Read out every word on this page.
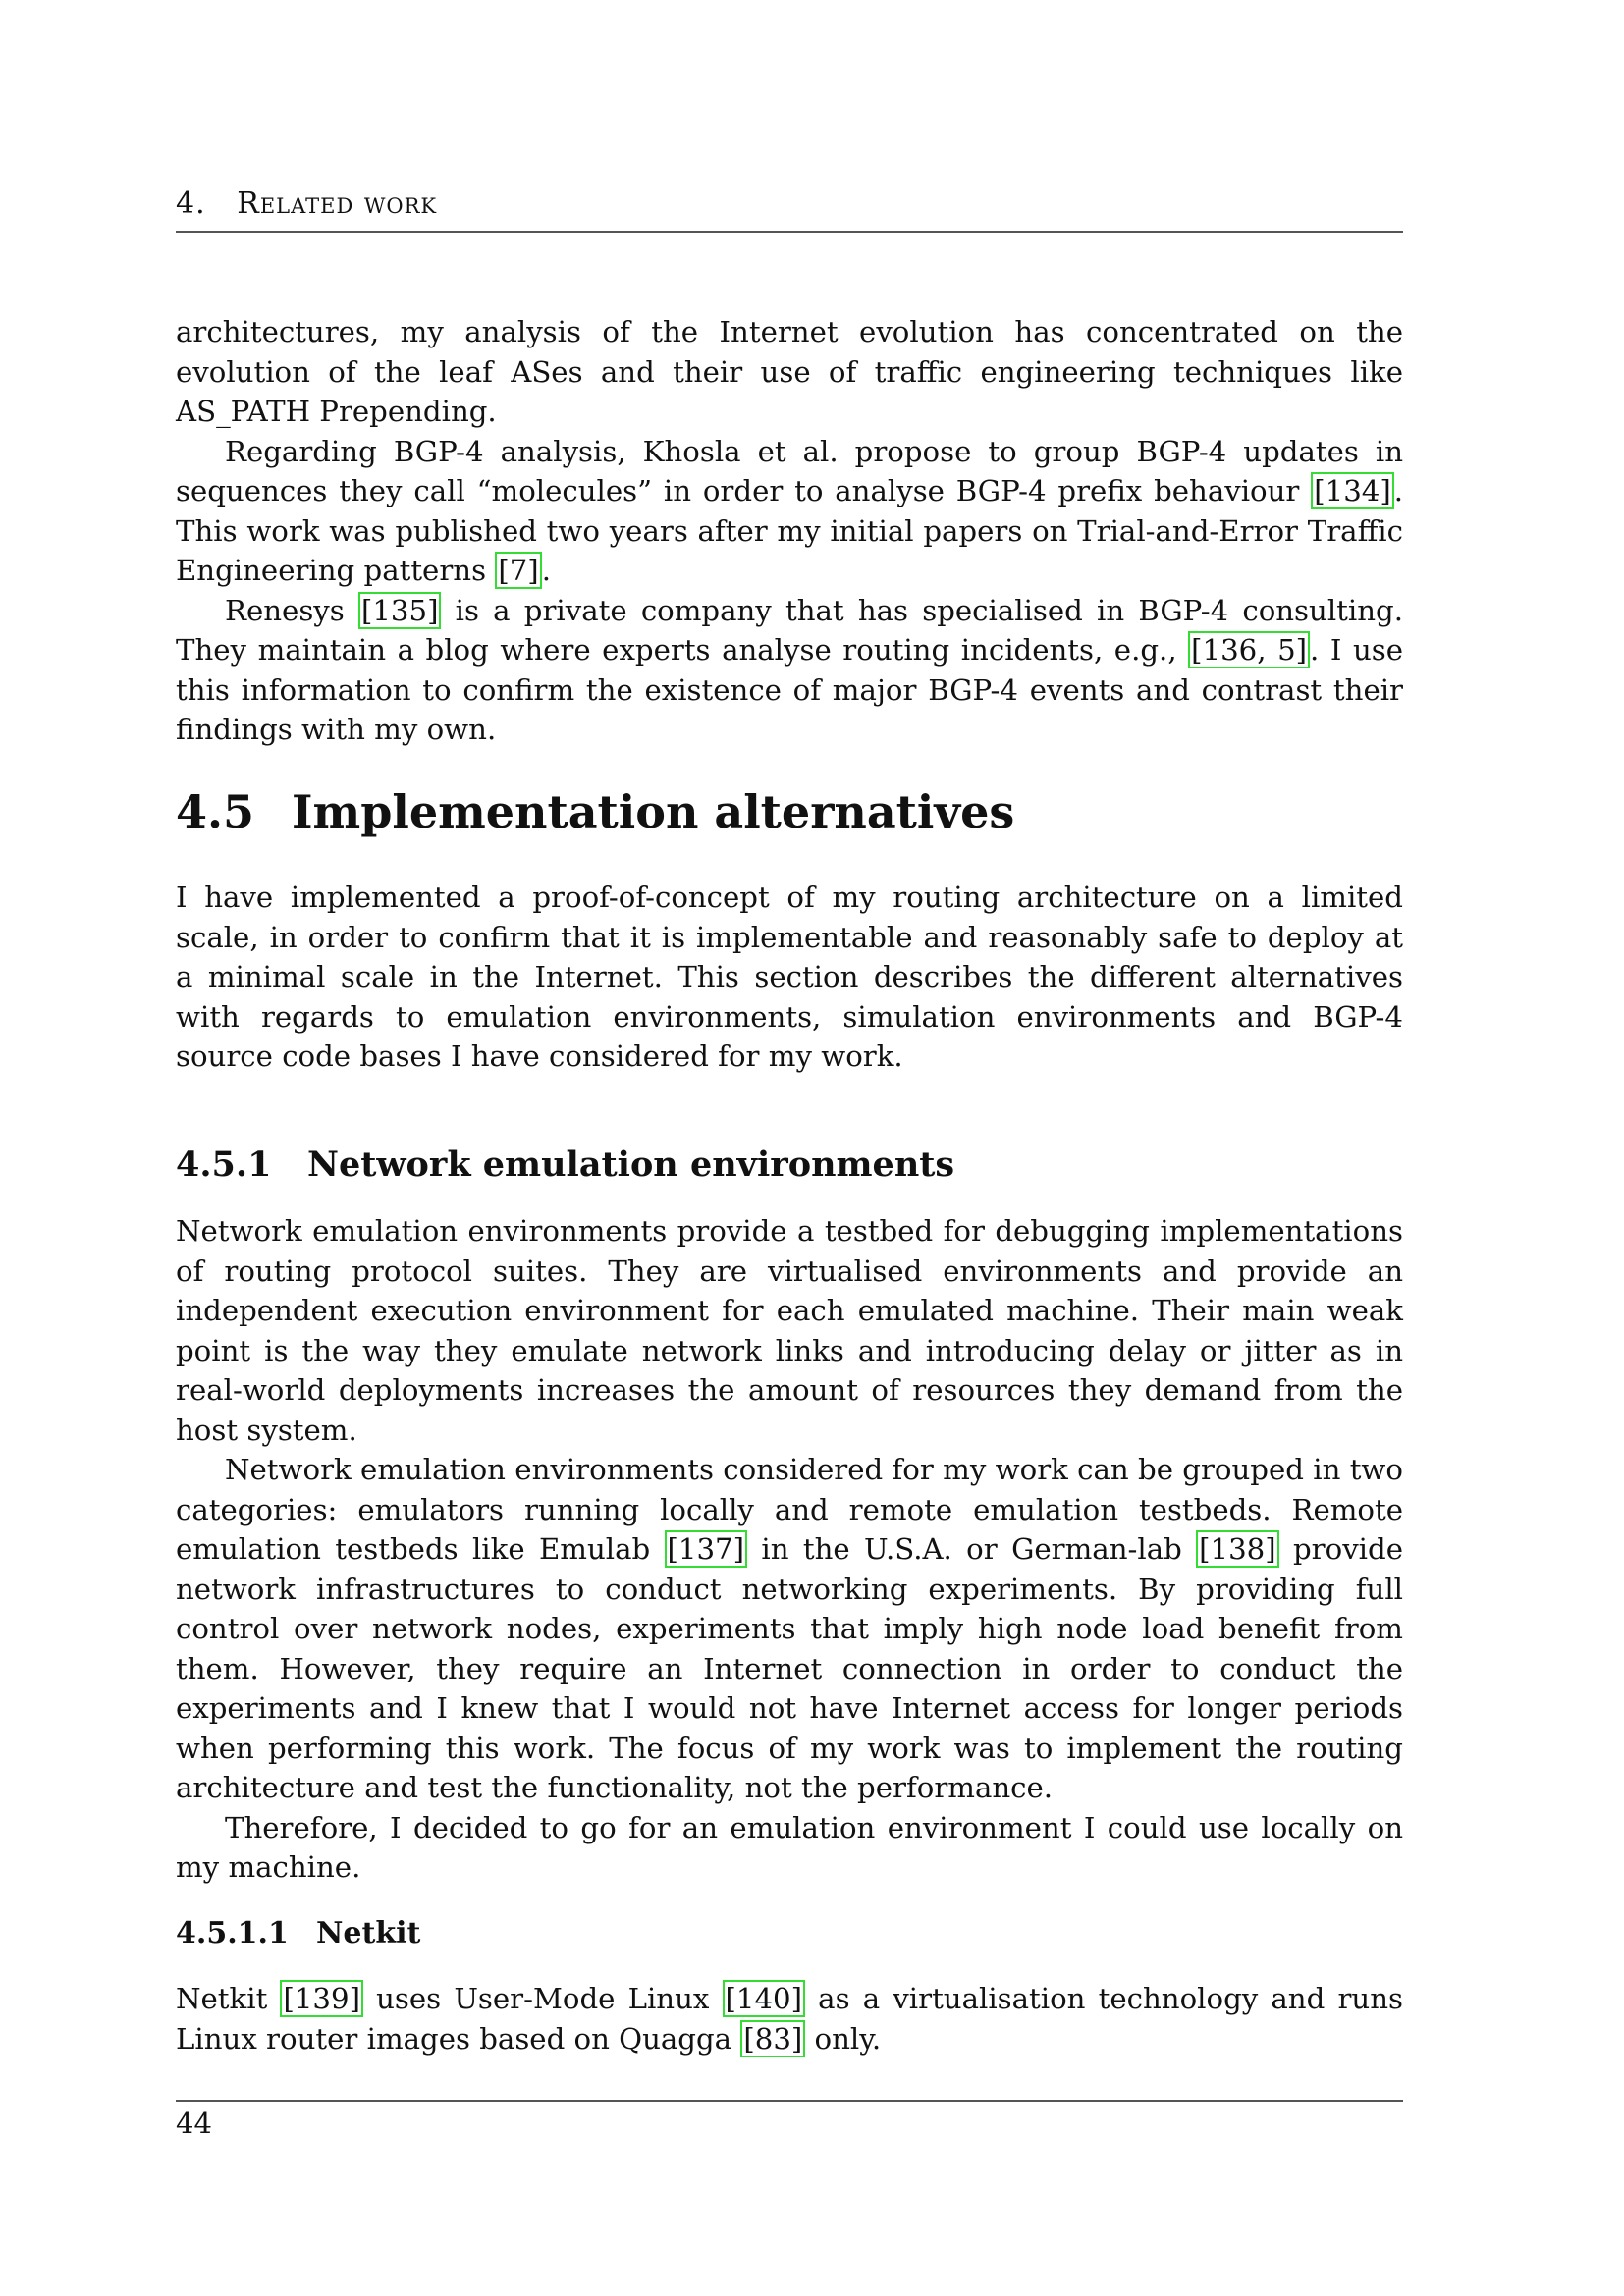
4. Related work

architectures, my analysis of the Internet evolution has concentrated on the evolution of the leaf ASes and their use of traffic engineering techniques like AS_PATH Prepending.

Regarding BGP-4 analysis, Khosla et al. propose to group BGP-4 updates in sequences they call “molecules” in order to analyse BGP-4 prefix behaviour [134] . This work was published two years after my initial papers on Trial-and-Error Traffic Engineering patterns [7] .

Renesys [135] is a private company that has specialised in BGP-4 consulting. They maintain a blog where experts analyse routing incidents, e.g., [136, 5] . I use this information to confirm the existence of major BGP-4 events and contrast their findings with my own.

4.5 Implementation alternatives

I have implemented a proof-of-concept of my routing architecture on a limited scale, in order to confirm that it is implementable and reasonably safe to deploy at a minimal scale in the Internet. This section describes the different alternatives with regards to emulation environments, simulation environments and BGP-4 source code bases I have considered for my work.

4.5.1 Network emulation environments

Network emulation environments provide a testbed for debugging implementations of routing protocol suites. They are virtualised environments and provide an independent execution environment for each emulated machine. Their main weak point is the way they emulate network links and introducing delay or jitter as in real-world deployments increases the amount of resources they demand from the host system.

Network emulation environments considered for my work can be grouped in two categories: emulators running locally and remote emulation testbeds. Remote emulation testbeds like Emulab [137] in the U.S.A. or German-lab [138] provide network infrastructures to conduct networking experiments. By providing full control over network nodes, experiments that imply high node load benefit from them. However, they require an Internet connection in order to conduct the experiments and I knew that I would not have Internet access for longer periods when performing this work. The focus of my work was to implement the routing architecture and test the functionality, not the performance.

Therefore, I decided to go for an emulation environment I could use locally on my machine.

4.5.1.1 Netkit

Netkit [139] uses User-Mode Linux [140] as a virtualisation technology and runs Linux router images based on Quagga [83] only.

44
